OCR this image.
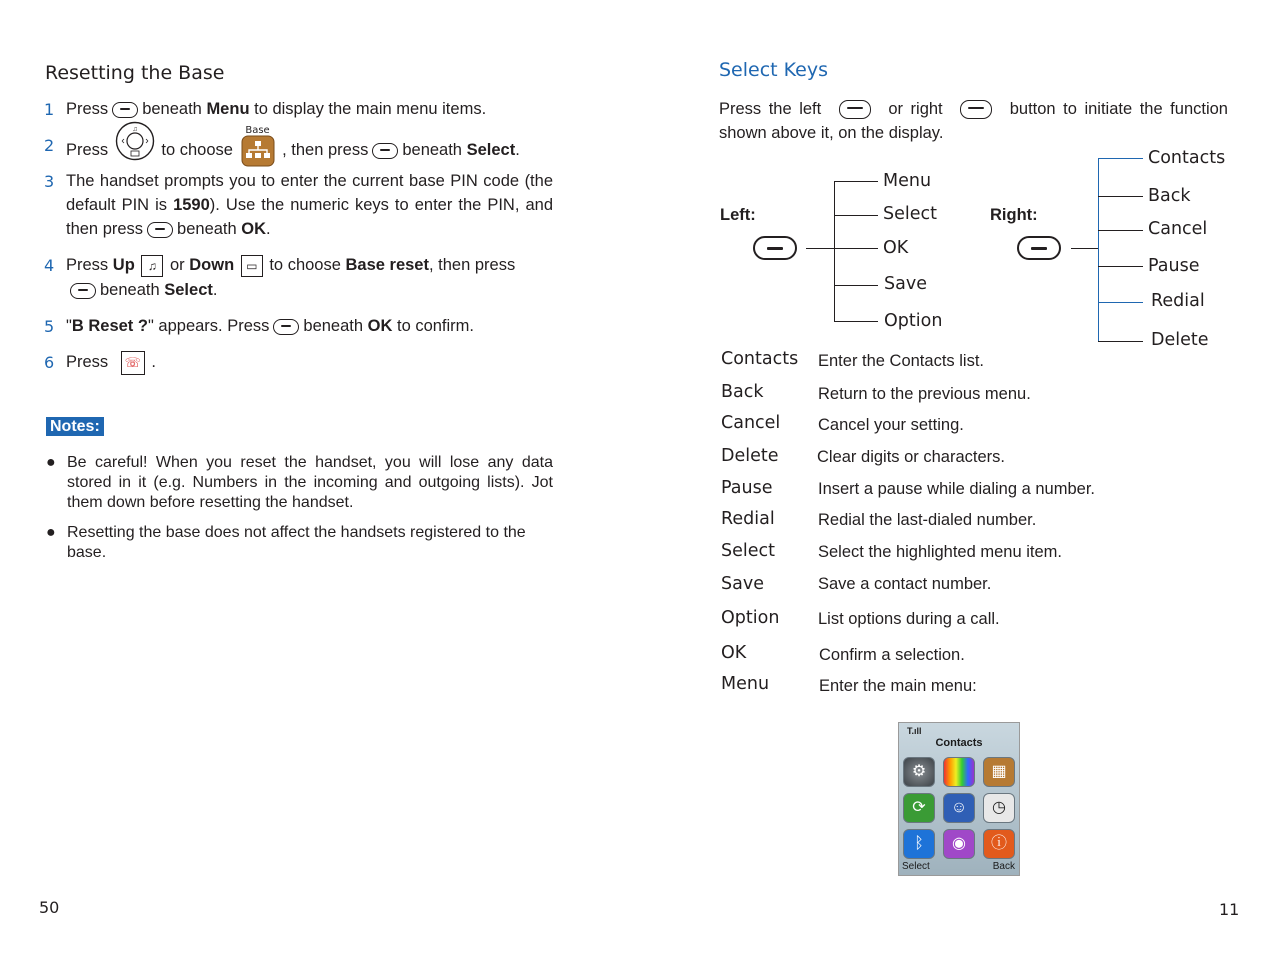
Resetting the Base
1 Press beneath Menu to display the main menu items.
2 Press
♫
to choose
Base
, then press beneath Select.
3 The handset prompts you to enter the current base PIN code (the default PIN is 1590). Use the numeric keys to enter the PIN, and then press beneath OK.
4 Press Up ♫ or Down ▭ to choose Base reset, then press
beneath Select.
5 "B Reset ?" appears. Press beneath OK to confirm.
6 Press ☏ .
Notes:
● Be careful! When you reset the handset, you will lose any data stored in it (e.g. Numbers in the incoming and outgoing lists). Jot them down before resetting the handset.
● Resetting the base does not affect the handsets registered to the base.
50
Select Keys
Press the left	or right	button to initiate the function shown above it, on the display.
Left:
Menu
Select
OK
Save
Option
Right:
Contacts
Back
Cancel
Pause
Redial
Delete
Contacts Enter the Contacts list.
Back	Return to the previous menu.
Cancel Cancel your setting.
Delete Clear digits or characters.
Pause	Insert a pause while dialing a number.
Redial	Redial the last-dialed number.
Select	Select the highlighted menu item.
Save	Save a contact number.
Option List options during a call.
OK	Confirm a selection.
Menu	Enter the main menu:
T.ıll
Contacts
⚙	▦
⟳	☺	◷
ᛒ	◉	ⓘ
Select	Back
11
